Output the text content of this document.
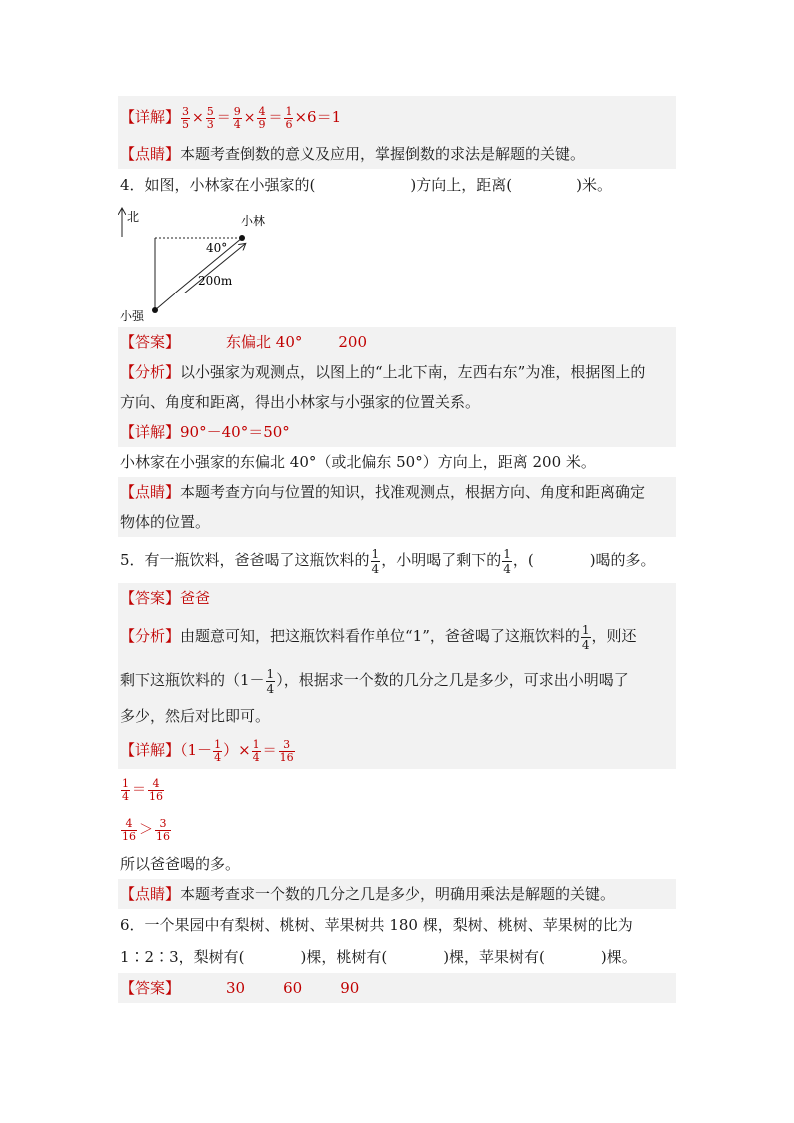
【详解】 $\frac{3}{5} \times \frac{5}{3} = \frac{9}{4} \times \frac{4}{9} = \frac{1}{6} \times 6=1$
【点睛】本题考查倒数的意义及应用，掌握倒数的求法是解题的关键。
4．如图，小林家在小强家的(	)方向上，距离(	)米。
北	小林
40°
200m
小强
【答案】	东偏北 40° 200
【分析】以小强家为观测点，以图上的“上北下南，左西右东”为准，根据图上的
方向、角度和距离，得出小林家与小强家的位置关系。
【详解】90°－40°＝50°
小林家在小强家的东偏北 40°（或北偏东 50°）方向上，距离 200 米。
【点睛】本题考查方向与位置的知识，找准观测点，根据方向、角度和距离确定
物体的位置。
5．有一瓶饮料，爸爸喝了这瓶饮料的 $\frac{1}{4}$ ，小明喝了剩下的 $\frac{1}{4}$ ，(	)喝的多。
【答案】爸爸
【分析】由题意可知，把这瓶饮料看作单位“1”，爸爸喝了这瓶饮料的 $\frac{1}{4}$ ，则还
剩下这瓶饮料的（$1- \frac{1}{4}$ ），根据求一个数的几分之几是多少，可求出小明喝了
多少，然后对比即可。
【详解】（$1- \frac{1}{4}$ ）× $\frac{1}{4} = \frac{3}{16}$
$\frac{1}{4} = \frac{4}{16}$
$\frac{4}{16} > \frac{3}{16}$
所以爸爸喝的多。
【点睛】本题考查求一个数的几分之几是多少，明确用乘法是解题的关键。
6．一个果园中有梨树、桃树、苹果树共 180 棵，梨树、桃树、苹果树的比为
1∶2∶3，梨树有(	)棵，桃树有(	)棵，苹果树有(	)棵。
【答案】	30	60	90
